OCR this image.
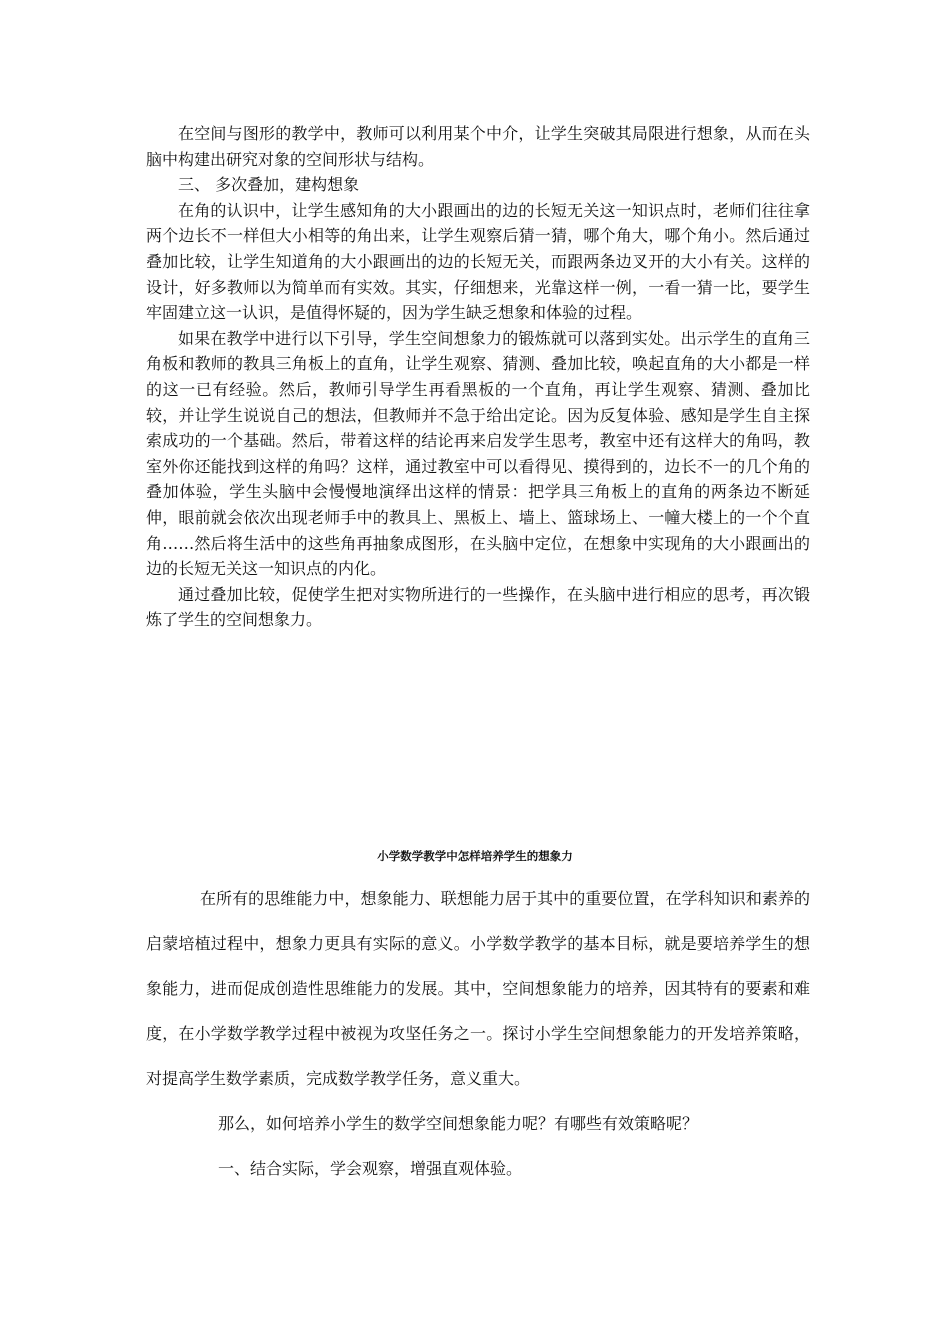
在空间与图形的教学中，教师可以利用某个中介，让学生突破其局限进行想象，从而在头脑中构建出研究对象的空间形状与结构。

三、 多次叠加，建构想象

在角的认识中，让学生感知角的大小跟画出的边的长短无关这一知识点时，老师们往往拿两个边长不一样但大小相等的角出来，让学生观察后猜一猜，哪个角大，哪个角小。然后通过叠加比较，让学生知道角的大小跟画出的边的长短无关，而跟两条边叉开的大小有关。这样的设计，好多教师以为简单而有实效。其实，仔细想来，光靠这样一例，一看一猜一比，要学生牢固建立这一认识，是值得怀疑的，因为学生缺乏想象和体验的过程。

如果在教学中进行以下引导，学生空间想象力的锻炼就可以落到实处。出示学生的直角三角板和教师的教具三角板上的直角，让学生观察、猜测、叠加比较，唤起直角的大小都是一样的这一已有经验。然后，教师引导学生再看黑板的一个直角，再让学生观察、猜测、叠加比较，并让学生说说自己的想法，但教师并不急于给出定论。因为反复体验、感知是学生自主探索成功的一个基础。然后，带着这样的结论再来启发学生思考，教室中还有这样大的角吗，教室外你还能找到这样的角吗？这样，通过教室中可以看得见、摸得到的，边长不一的几个角的叠加体验，学生头脑中会慢慢地演绎出这样的情景：把学具三角板上的直角的两条边不断延伸，眼前就会依次出现老师手中的教具上、黑板上、墙上、篮球场上、一幢大楼上的一个个直角……然后将生活中的这些角再抽象成图形，在头脑中定位，在想象中实现角的大小跟画出的边的长短无关这一知识点的内化。

通过叠加比较，促使学生把对实物所进行的一些操作，在头脑中进行相应的思考，再次锻炼了学生的空间想象力。

小学数学教学中怎样培养学生的想象力

在所有的思维能力中，想象能力、联想能力居于其中的重要位置，在学科知识和素养的启蒙培植过程中，想象力更具有实际的意义。小学数学教学的基本目标，就是要培养学生的想象能力，进而促成创造性思维能力的发展。其中，空间想象能力的培养，因其特有的要素和难度，在小学数学教学过程中被视为攻坚任务之一。探讨小学生空间想象能力的开发培养策略，对提高学生数学素质，完成数学教学任务，意义重大。

那么，如何培养小学生的数学空间想象能力呢？有哪些有效策略呢？

一、结合实际，学会观察，增强直观体验。
